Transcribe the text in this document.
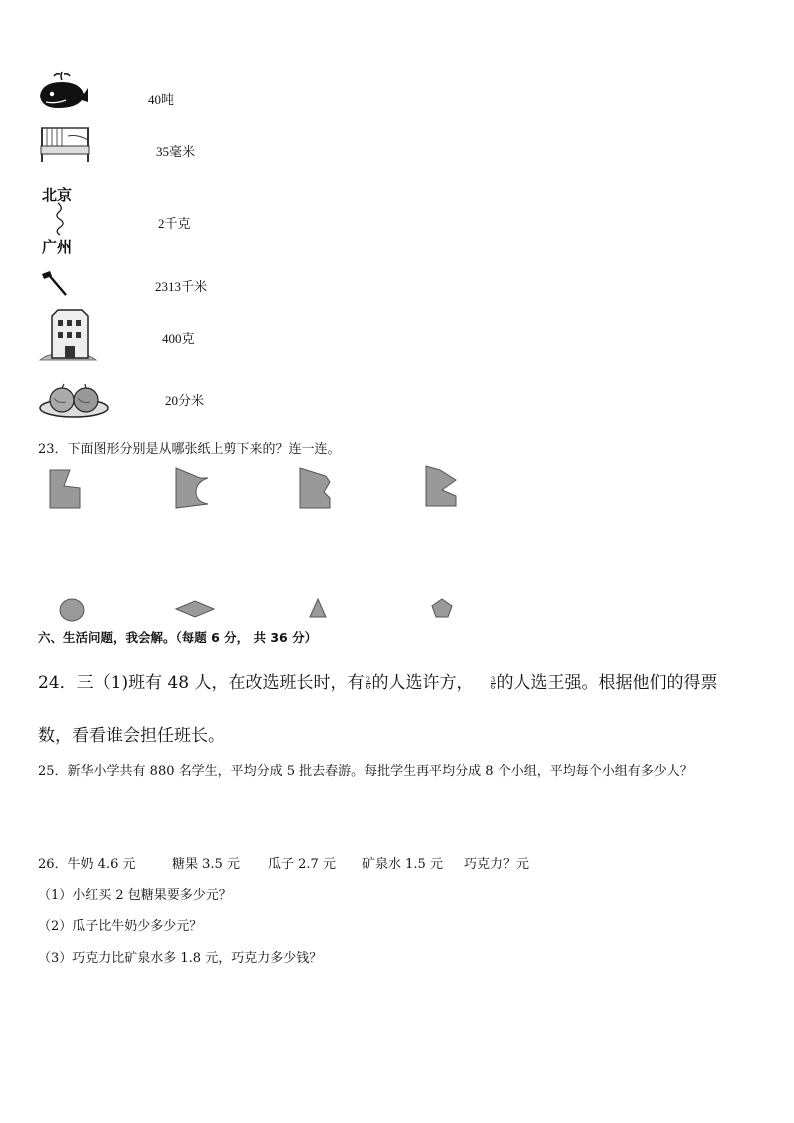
40吨
35毫米
北京
广州
2千克
2313千米
400克
20分米
23．下面图形分别是从哪张纸上剪下来的？连一连。
六、生活问题，我会解。（每题 6 分， 共 36 分）
24．三（1)班有 48 人，在改选班长时，有 $\frac{2}{6}$ 的人选许方， $\frac{3}{6}$ 的人选王强。根据他们的得票
数，看看谁会担任班长。
25．新华小学共有 880 名学生，平均分成 5 批去春游。每批学生再平均分成 8 个小组，平均每个小组有多少人？
26．牛奶 4.6 元	糖果 3.5 元 瓜子 2.7 元 矿泉水 1.5 元 巧克力？元
（1）小红买 2 包糖果要多少元？
（2）瓜子比牛奶少多少元？
（3）巧克力比矿泉水多 1.8 元，巧克力多少钱？
